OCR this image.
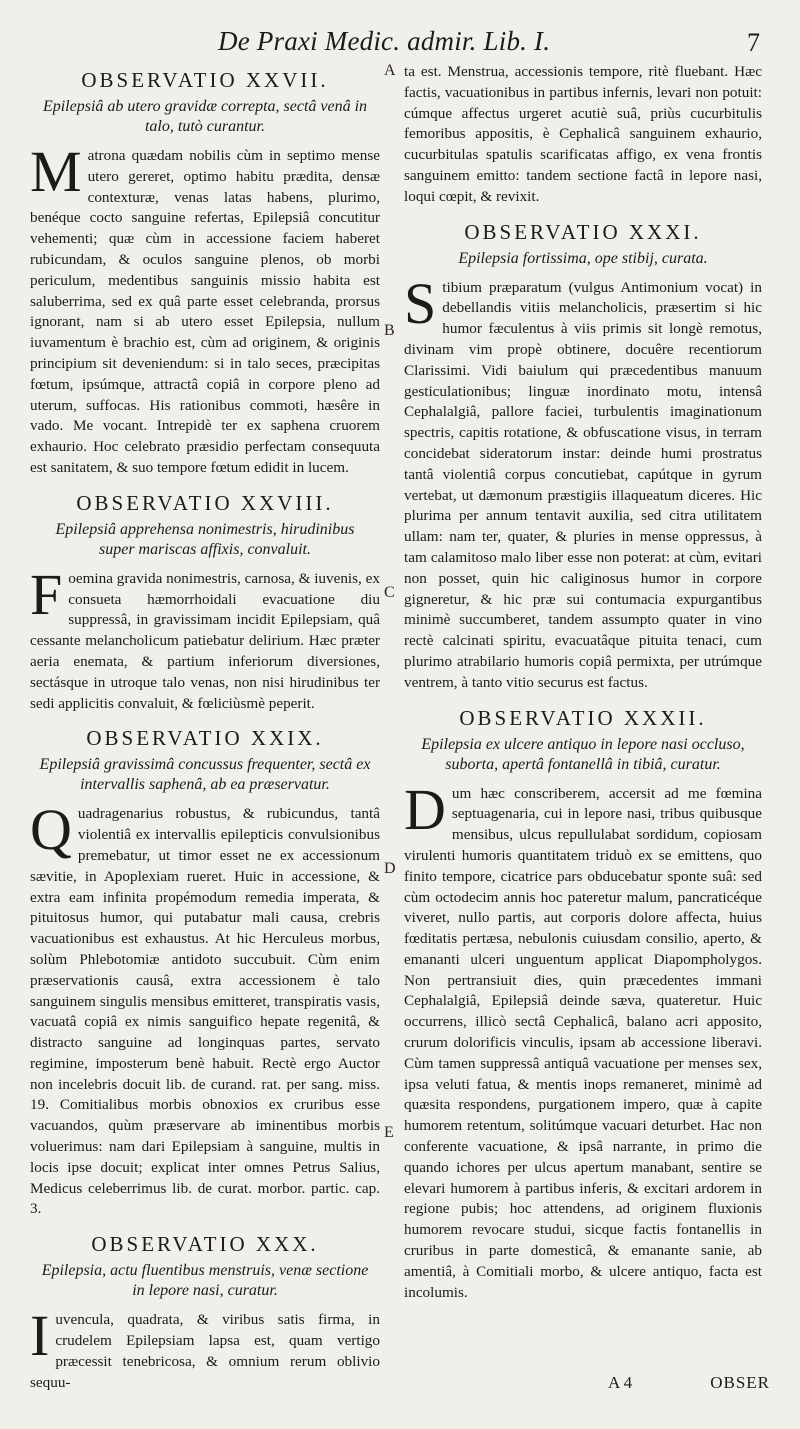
De Praxi Medic. admir. Lib. I.	7
A
B
C
D
E
OBSERVATIO XXVII.
Epilepsiâ ab utero gravidæ correpta, sectâ venâ in talo, tutò curantur.
Matrona quædam nobilis cùm in septimo mense utero gereret, optimo habitu prædita, densæ contexturæ, venas latas habens, plurimo, benéque cocto sanguine refertas, Epilepsiâ concutitur vehementi; quæ cùm in accessione faciem haberet rubicundam, & oculos sanguine plenos, ob morbi periculum, medentibus sanguinis missio habita est saluberrima, sed ex quâ parte esset celebranda, prorsus ignorant, nam si ab utero esset Epilepsia, nullum iuvamentum è brachio est, cùm ad originem, & originis principium sit deveniendum: si in talo seces, præcipitas fœtum, ipsúmque, attractâ copiâ in corpore pleno ad uterum, suffocas. His rationibus commoti, hæsêre in vado. Me vocant. Intrepidè ter ex saphena cruorem exhaurio. Hoc celebrato præsidio perfectam consequuta est sanitatem, & suo tempore fœtum edidit in lucem.
OBSERVATIO XXVIII.
Epilepsiâ apprehensa nonimestris, hirudinibus super mariscas affixis, convaluit.
Foemina gravida nonimestris, carnosa, & iuvenis, ex consueta hæmorrhoidali evacuatione diu suppressâ, in gravissimam incidit Epilepsiam, quâ cessante melancholicum patiebatur delirium. Hæc præter aeria enemata, & partium inferiorum diversiones, sectásque in utroque talo venas, non nisi hirudinibus ter sedi applicitis convaluit, & fœliciùsmè peperit.
OBSERVATIO XXIX.
Epilepsiâ gravissimâ concussus frequenter, sectâ ex intervallis saphenâ, ab ea præservatur.
Quadragenarius robustus, & rubicundus, tantâ violentiâ ex intervallis epilepticis convulsionibus premebatur, ut timor esset ne ex accessionum sævitie, in Apoplexiam rueret. Huic in accessione, & extra eam infinita propémodum remedia imperata, & pituitosus humor, qui putabatur mali causa, crebris vacuationibus est exhaustus. At hic Herculeus morbus, solùm Phlebotomiæ antidoto succubuit. Cùm enim præservationis causâ, extra accessionem è talo sanguinem singulis mensibus emitteret, transpiratis vasis, vacuatâ copiâ ex nimis sanguifico hepate regenitâ, & distracto sanguine ad longinquas partes, servato regimine, imposterum benè habuit. Rectè ergo Auctor non incelebris docuit lib. de curand. rat. per sang. miss. 19. Comitialibus morbis obnoxios ex cruribus esse vacuandos, quùm præservare ab iminentibus morbis voluerimus: nam dari Epilepsiam à sanguine, multis in locis ipse docuit; explicat inter omnes Petrus Salius, Medicus celeberrimus lib. de curat. morbor. partic. cap. 3.
OBSERVATIO XXX.
Epilepsia, actu fluentibus menstruis, venæ sectione in lepore nasi, curatur.
Iuvencula, quadrata, & viribus satis firma, in crudelem Epilepsiam lapsa est, quam vertigo præcessit tenebricosa, & omnium rerum oblivio sequu-
ta est. Menstrua, accessionis tempore, ritè fluebant. Hæc factis, vacuationibus in partibus infernis, levari non potuit: cúmque affectus urgeret acutiè suâ, priùs cucurbitulis femoribus appositis, è Cephalicâ sanguinem exhaurio, cucurbitulas spatulis scarificatas affigo, ex vena frontis sanguinem emitto: tandem sectione factâ in lepore nasi, loqui cœpit, & revixit.
OBSERVATIO XXXI.
Epilepsia fortissima, ope stibij, curata.
Stibium præparatum (vulgus Antimonium vocat) in debellandis vitiis melancholicis, præsertim si hic humor fæculentus à viis primis sit longè remotus, divinam vim propè obtinere, docuêre recentiorum Clarissimi. Vidi baiulum qui præcedentibus manuum gesticulationibus; linguæ inordinato motu, intensâ Cephalalgiâ, pallore faciei, turbulentis imaginationum spectris, capitis rotatione, & obfuscatione visus, in terram concidebat sideratorum instar: deinde humi prostratus tantâ violentiâ corpus concutiebat, capútque in gyrum vertebat, ut dæmonum præstigiis illaqueatum diceres. Hic plurima per annum tentavit auxilia, sed citra utilitatem ullam: nam ter, quater, & pluries in mense oppressus, à tam calamitoso malo liber esse non poterat: at cùm, evitari non posset, quin hic caliginosus humor in corpore gigneretur, & hic præ sui contumacia expurgantibus minimè succumberet, tandem assumpto quater in vino rectè calcinati spiritu, evacuatâque pituita tenaci, cum plurimo atrabilario humoris copiâ permixta, per utrúmque ventrem, à tanto vitio securus est factus.
OBSERVATIO XXXII.
Epilepsia ex ulcere antiquo in lepore nasi occluso, suborta, apertâ fontanellâ in tibiâ, curatur.
Dum hæc conscriberem, accersit ad me fœmina septuagenaria, cui in lepore nasi, tribus quibusque mensibus, ulcus repullulabat sordidum, copiosam virulenti humoris quantitatem triduò ex se emittens, quo finito tempore, cicatrice pars obducebatur sponte suâ: sed cùm octodecim annis hoc pateretur malum, pancraticéque viveret, nullo partis, aut corporis dolore affecta, huius fœditatis pertæsa, nebulonis cuiusdam consilio, aperto, & emananti ulceri unguentum applicat Diapompholygos. Non pertransiuit dies, quin præcedentes immani Cephalalgiâ, Epilepsiâ deinde sæva, quateretur. Huic occurrens, illicò sectâ Cephalicâ, balano acri apposito, crurum dolorificis vinculis, ipsam ab accessione liberavi. Cùm tamen suppressâ antiquâ vacuatione per menses sex, ipsa veluti fatua, & mentis inops remaneret, minimè ad quæsita respondens, purgationem impero, quæ à capite humorem retentum, solitúmque vacuari deturbet. Hac non conferente vacuatione, & ipsâ narrante, in primo die quando ichores per ulcus apertum manabant, sentire se elevari humorem à partibus inferis, & excitari ardorem in regione pubis; hoc attendens, ad originem fluxionis humorem revocare studui, sicque factis fontanellis in cruribus in parte domesticâ, & emanante sanie, ab amentiâ, à Comitiali morbo, & ulcere antiquo, facta est incolumis.
A 4	OBSER
